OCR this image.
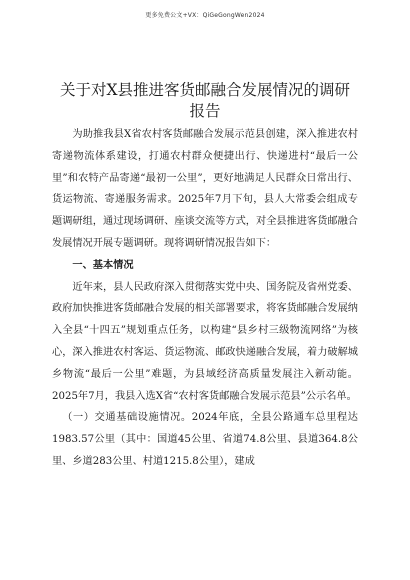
更多免费公文+VX：QiGeGongWen2024
关于对X县推进客货邮融合发展情况的调研报告

为助推我县X省农村客货邮融合发展示范县创建，深入推进农村寄递物流体系建设，打通农村群众便捷出行、快递进村“最后一公里”和农特产品寄递“最初一公里”，更好地满足人民群众日常出行、货运物流、寄递服务需求。2025年7月下旬，县人大常委会组成专题调研组，通过现场调研、座谈交流等方式，对全县推进客货邮融合发展情况开展专题调研。现将调研情况报告如下：

一、基本情况

近年来，县人民政府深入贯彻落实党中央、国务院及省州党委、政府加快推进客货邮融合发展的相关部署要求，将客货邮融合发展纳入全县“十四五”规划重点任务，以构建“县乡村三级物流网络”为核心，深入推进农村客运、货运物流、邮政快递融合发展，着力破解城乡物流“最后一公里”难题，为县域经济高质量发展注入新动能。2025年7月，我县入选X省“农村客货邮融合发展示范县”公示名单。

（一）交通基础设施情况。2024年底，全县公路通车总里程达1983.57公里（其中：国道45公里、省道74.8公里、县道364.8公里、乡道283公里、村道1215.8公里），建成
